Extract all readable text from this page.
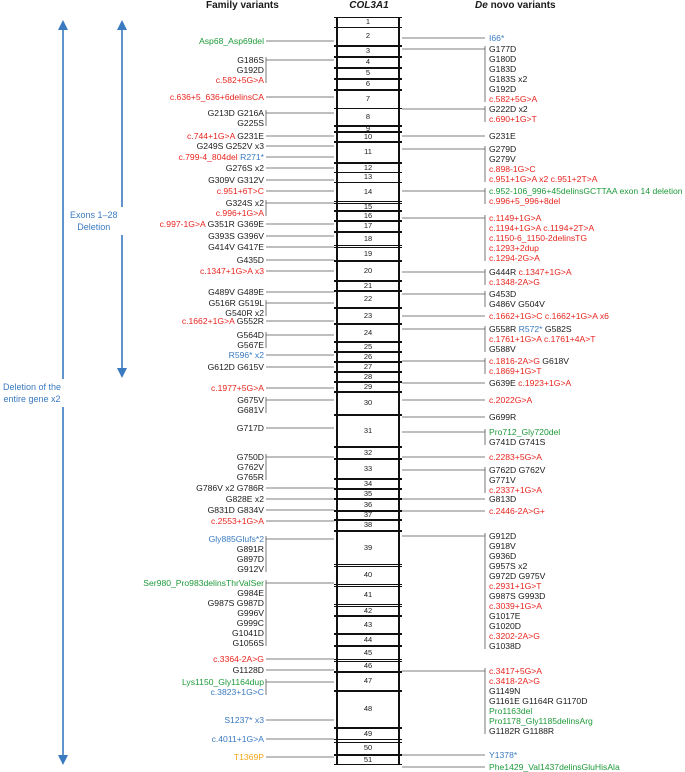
Family variants	COL3A1	De novo variants
Exons 1–28
Deletion
Deletion of the
entire gene x2
1
2
3
4
5
6
7
8
9
10
11
12
13
14
15
16
17
18
19
20
21
22
23
24
25
26
27
28
29
30
31
32
33
34
35
36
37
38
39
40
41
42
43
44
45
46
47
48
49
50
51
Asp68_Asp69del
G186S
G192D
c.582+5G>A
c.636+5_636+6delinsCA
G213D G216A
G225S
c.744+1G>A G231E
G249S G252V x3
c.799-4_804del R271*
G276S x2
G309V G312V
c.951+6T>C
G324S x2
c.996+1G>A
c.997-1G>A G351R G369E
G393S G396V
G414V G417E
G435D
c.1347+1G>A x3
G489V G489E
G516R G519L
G540R x2
c.1662+1G>A G552R
G564D
G567E
R596* x2
G612D G615V
c.1977+5G>A
G675V
G681V
G717D
G750D
G762V
G765R
G786V x2 G786R
G828E x2
G831D G834V
c.2553+1G>A
Gly885Glufs*2
G891R
G897D
G912V
Ser980_Pro983delinsThrValSer
G984E
G987S G987D
G996V
G999C
G1041D
G1056S
c.3364-2A>G
G1128D
Lys1150_Gly1164dup
c.3823+1G>C
S1237* x3
c.4011+1G>A
T1369P
I66*
G177D
G180D
G183D
G183S x2
G192D
c.582+5G>A
G222D x2
c.690+1G>T
G231E
G279D
G279V
c.898-1G>C
c.951+1G>A x2 c.951+2T>A
c.952-106_996+45delinsGCTTAA exon 14 deletion
c.996+5_996+8del
c.1149+1G>A
c.1194+1G>A c.1194+2T>A
c.1150-6_1150-2delinsTG
c.1293+2dup
c.1294-2G>A
G444R c.1347+1G>A
c.1348-2A>G
G453D
G486V G504V
c.1662+1G>C c.1662+1G>A x6
G558R R572* G582S
c.1761+1G>A c.1761+4A>T
G588V
c.1816-2A>G G618V
c.1869+1G>T
G639E c.1923+1G>A
c.2022G>A
G699R
Pro712_Gly720del
G741D G741S
c.2283+5G>A
G762D G762V
G771V
c.2337+1G>A
G813D
c.2446-2A>G+
G912D
G918V
G936D
G957S x2
G972D G975V
c.2931+1G>T
G987S G993D
c.3039+1G>A
G1017E
G1020D
c.3202-2A>G
G1038D
c.3417+5G>A
c.3418-2A>G
G1149N
G1161E G1164R G1170D
Pro1163del
Pro1178_Gly1185delinsArg
G1182R G1188R
Y1378*
Phe1429_Val1437delinsGluHisAla
